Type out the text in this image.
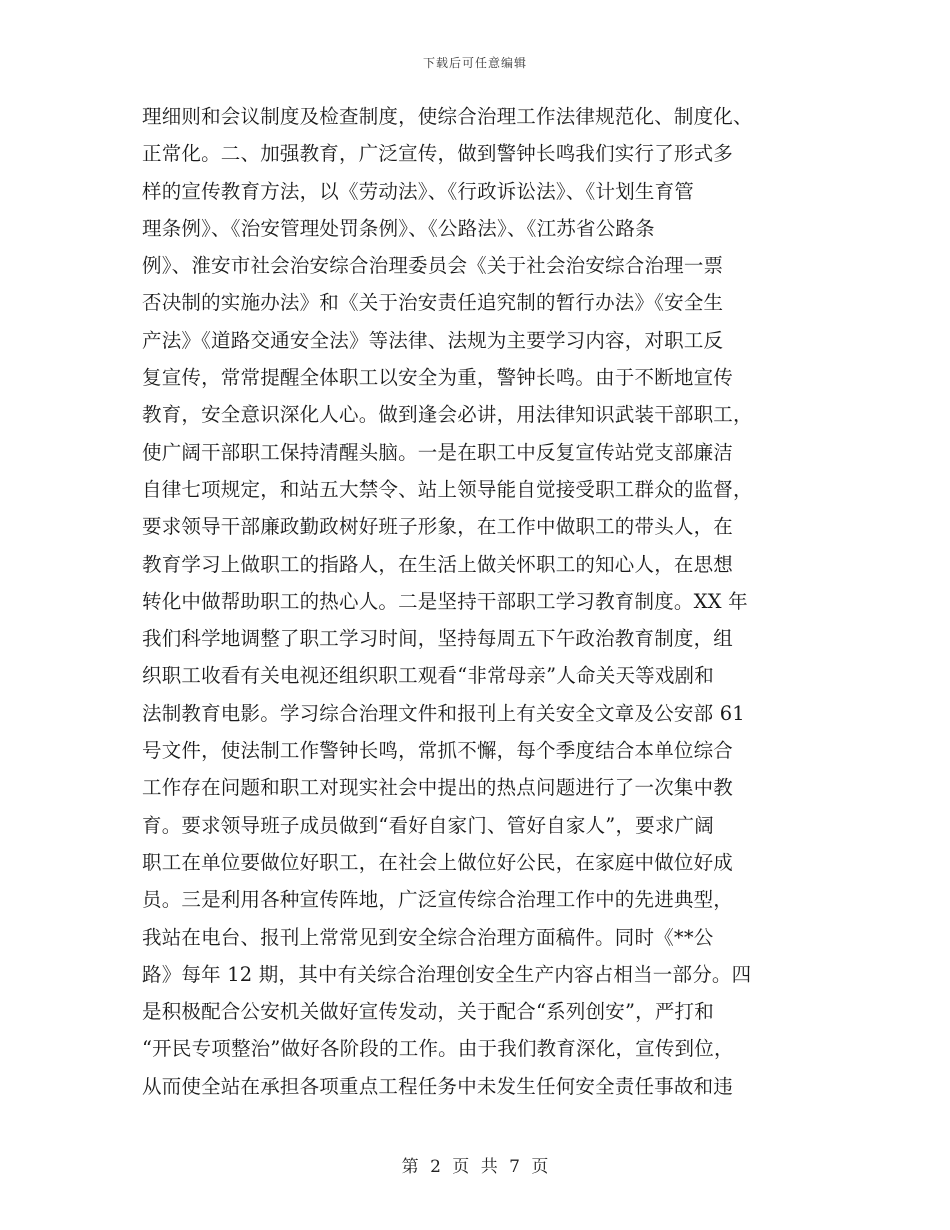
下载后可任意编辑
理细则和会议制度及检查制度，使综合治理工作法律规范化、制度化、
正常化。二、加强教育，广泛宣传，做到警钟长鸣我们实行了形式多
样的宣传教育方法，以《劳动法》、《行政诉讼法》、《计划生育管
理条例》、《治安管理处罚条例》、《公路法》、《江苏省公路条
例》、淮安市社会治安综合治理委员会《关于社会治安综合治理一票
否决制的实施办法》和《关于治安责任追究制的暂行办法》《安全生
产法》《道路交通安全法》等法律、法规为主要学习内容，对职工反
复宣传，常常提醒全体职工以安全为重，警钟长鸣。由于不断地宣传
教育，安全意识深化人心。做到逢会必讲，用法律知识武装干部职工，
使广阔干部职工保持清醒头脑。一是在职工中反复宣传站党支部廉洁
自律七项规定，和站五大禁令、站上领导能自觉接受职工群众的监督，
要求领导干部廉政勤政树好班子形象，在工作中做职工的带头人，在
教育学习上做职工的指路人，在生活上做关怀职工的知心人，在思想
转化中做帮助职工的热心人。二是坚持干部职工学习教育制度。XX 年
我们科学地调整了职工学习时间，坚持每周五下午政治教育制度，组
织职工收看有关电视还组织职工观看“非常母亲”人命关天等戏剧和
法制教育电影。学习综合治理文件和报刊上有关安全文章及公安部 61
号文件，使法制工作警钟长鸣，常抓不懈，每个季度结合本单位综合
工作存在问题和职工对现实社会中提出的热点问题进行了一次集中教
育。要求领导班子成员做到“看好自家门、管好自家人”，要求广阔
职工在单位要做位好职工，在社会上做位好公民，在家庭中做位好成
员。三是利用各种宣传阵地，广泛宣传综合治理工作中的先进典型，
我站在电台、报刊上常常见到安全综合治理方面稿件。同时《**公
路》每年 12 期，其中有关综合治理创安全生产内容占相当一部分。四
是积极配合公安机关做好宣传发动，关于配合“系列创安”，严打和
“开民专项整治”做好各阶段的工作。由于我们教育深化，宣传到位，
从而使全站在承担各项重点工程任务中未发生任何安全责任事故和违
第 2 页 共 7 页
